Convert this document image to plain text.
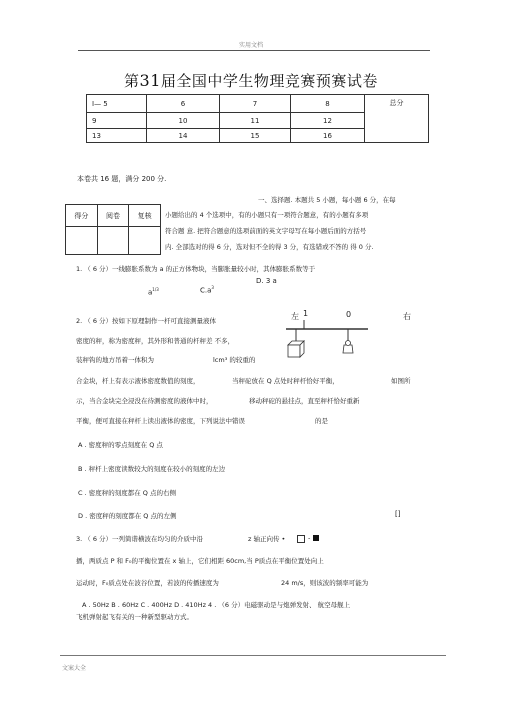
实用文档
第31届全国中学生物理竞赛预赛试卷
Ⅰ— 5	6	7	8	总分
9	10	11	12	
13	14	15	16	
本卷共 16 题，满分 200 分.
得分	阅卷	复核

一、选择题. 本题共 5 小题，每小题 6 分，在每
小题给出的 4 个选项中，有的小题只有一项符合题意，有的小题有多项
符合题 意. 把符合题意的选项前面的英文字母写在每小题后面的方括号
内. 全部选对的得 6 分，选对但不全的得 3 分，有选错或不答的 得 0 分.
1. （ 6 分）一线膨胀系数为 a 的正方体物块，当膨胀量较小时，其体膨胀系数等于
D. 3 a
$a^{1/3}$	$C.a^3$
2. （ 6 分）按如下原理制作一杆可直接测量液体
密度的秤，称为密度秤，其外形和普通的杆秤差 不多，
装秤钩的地方吊着一体积为	lcm³ 的较重的
左 1	0	右
合金块，杆上有表示液体密度数值的刻度，	当秤砣放在 Q 点处时秤杆恰好平衡，	如图所
示，当合金块完全浸没在待测密度的液体中时，	移动秤砣的悬挂点，直至秤杆恰好重新
平衡，便可直接在秤杆上读出液体的密度，下列说法中错误	的是
A . 密度秤的零点刻度在 Q 点
B . 秤杆上密度读数较大的刻度在较小的刻度的左边
C . 密度秤的刻度都在 Q 点的右侧
D . 密度秤的刻度都在 Q 点的左侧	[]
3. （ 6 分）一列简谐横波在均匀的介质中沿	z 轴正向传 •	-
播，两质点 P 和 F₀的平衡位置在 x 轴上，它们相距 60cm,当 P质点在平衡位置处向上
运动时，F₀质点处在波谷位置，若波的传播速度为	24 m/s，则该波的频率可能为
A . 50Hz B . 60Hz C . 400Hz D . 410Hz 4 . （6 分）电磁驱动是与炮弹发射、 航空母舰上
飞机弹射起飞有关的一种新型驱动方式。
文案大全
